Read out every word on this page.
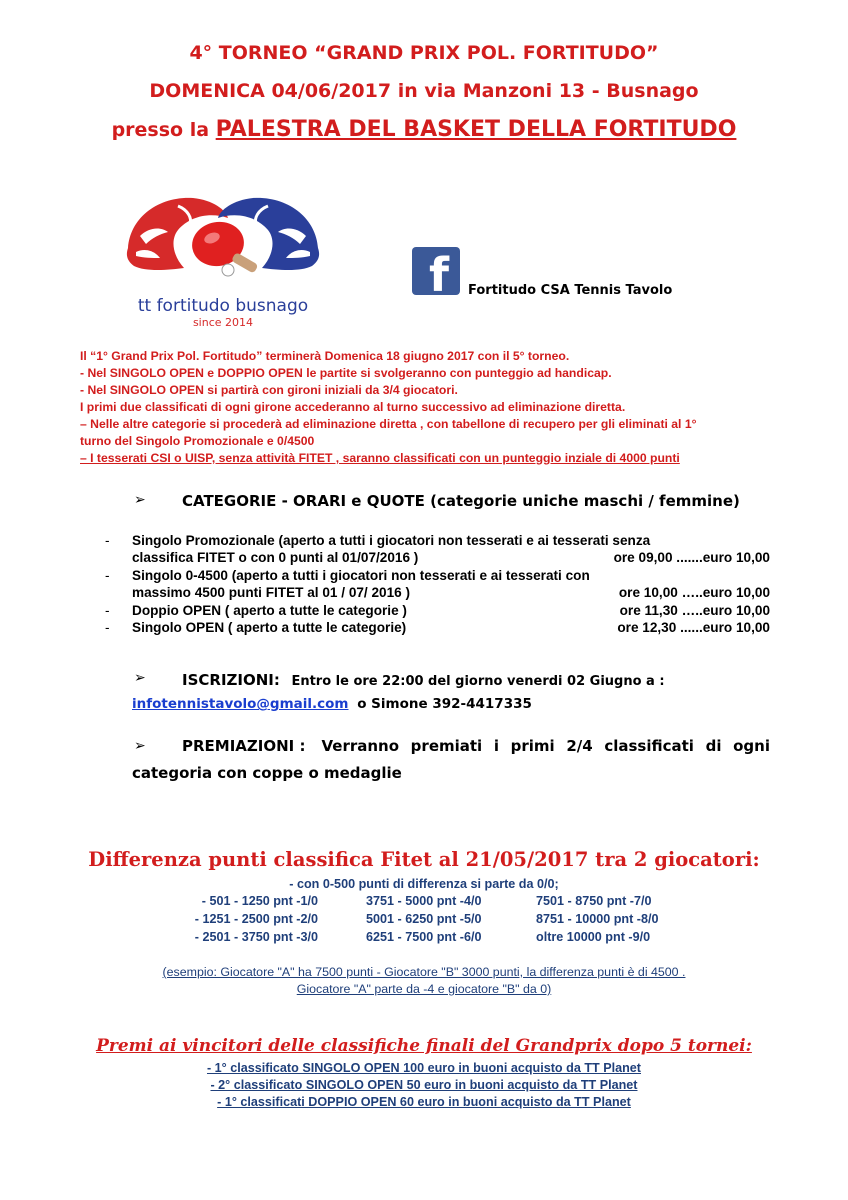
4° TORNEO “GRAND PRIX POL. FORTITUDO”
DOMENICA 04/06/2017 in via Manzoni 13 - Busnago
presso la PALESTRA DEL BASKET DELLA FORTITUDO
tt fortitudo busnago
since 2014
f Fortitudo CSA Tennis Tavolo
Il “1° Grand Prix Pol. Fortitudo” terminerà Domenica 18 giugno 2017 con il 5° torneo.
- Nel SINGOLO OPEN e DOPPIO OPEN le partite si svolgeranno con punteggio ad handicap.
- Nel SINGOLO OPEN si partirà con gironi iniziali da 3/4 giocatori.
I primi due classificati di ogni girone accederanno al turno successivo ad eliminazione diretta.
– Nelle altre categorie si procederà ad eliminazione diretta , con tabellone di recupero per gli eliminati al 1°
turno del Singolo Promozionale e 0/4500
– I tesserati CSI o UISP, senza attività FITET , saranno classificati con un punteggio inziale di 4000 punti
➢ CATEGORIE - ORARI e QUOTE (categorie uniche maschi / femmine)
-	Singolo Promozionale (aperto a tutti i giocatori non tesserati e ai tesserati senza
classifica FITET o con 0 punti al 01/07/2016 )	ore 09,00 .......euro 10,00
-	Singolo 0-4500 (aperto a tutti i giocatori non tesserati e ai tesserati con
massimo 4500 punti FITET al 01 / 07/ 2016 )	ore 10,00 …..euro 10,00
-	Doppio OPEN ( aperto a tutte le categorie )	ore 11,30 …..euro 10,00
-	Singolo OPEN ( aperto a tutte le categorie)	ore 12,30 ......euro 10,00
➢ ISCRIZIONI: Entro le ore 22:00 del giorno venerdi 02 Giugno a :
infotennistavolo@gmail.com o Simone 392-4417335
➢ PREMIAZIONI : Verranno premiati i primi 2/4 classificati di ogni
categoria con coppe o medaglie
Differenza punti classifica Fitet al 21/05/2017 tra 2 giocatori:
- con 0-500 punti di differenza si parte da 0/0;
- 501 - 1250 pnt -1/0	3751 - 5000 pnt -4/0	7501 - 8750 pnt -7/0
- 1251 - 2500 pnt -2/0	5001 - 6250 pnt -5/0	8751 - 10000 pnt -8/0
- 2501 - 3750 pnt -3/0	6251 - 7500 pnt -6/0	oltre 10000 pnt -9/0
(esempio: Giocatore "A" ha 7500 punti - Giocatore "B" 3000 punti, la differenza punti è di 4500 .
Giocatore "A" parte da -4 e giocatore "B" da 0)
Premi ai vincitori delle classifiche finali del Grandprix dopo 5 tornei:
- 1° classificato SINGOLO OPEN 100 euro in buoni acquisto da TT Planet
- 2° classificato SINGOLO OPEN 50 euro in buoni acquisto da TT Planet
- 1° classificati DOPPIO OPEN 60 euro in buoni acquisto da TT Planet
